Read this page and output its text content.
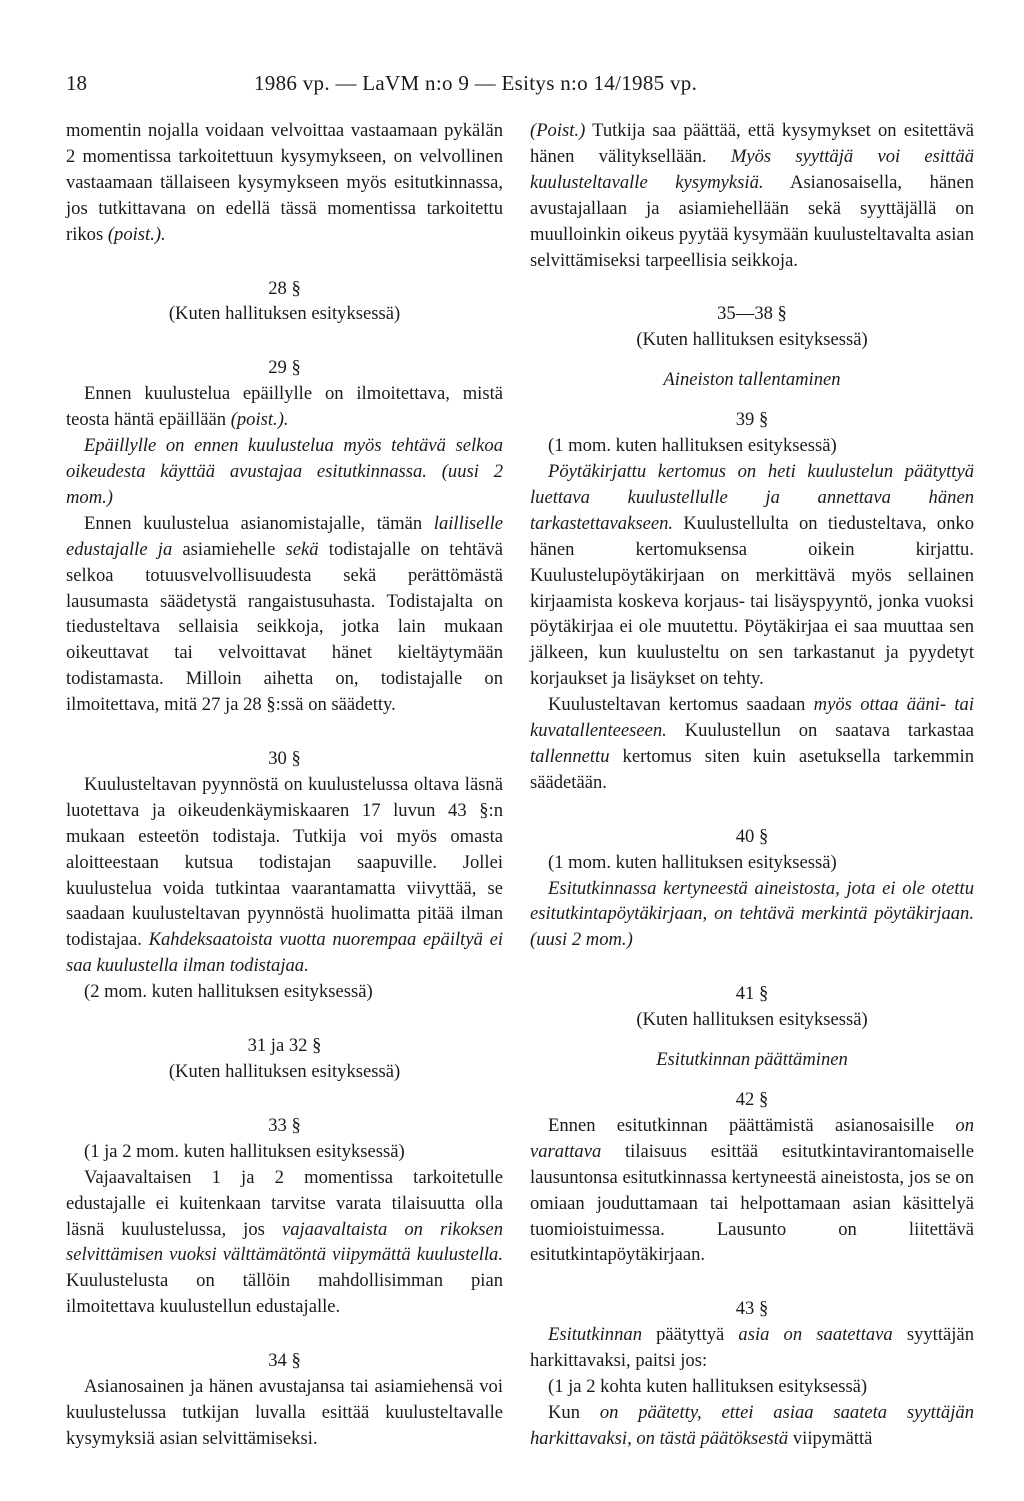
18	1986 vp. — LaVM n:o 9 — Esitys n:o 14/1985 vp.

momentin nojalla voidaan velvoittaa vastaamaan pykälän 2 momentissa tarkoitettuun kysymykseen, on velvollinen vastaamaan tällaiseen kysymykseen myös esitutkinnassa, jos tutkittavana on edellä tässä momentissa tarkoitettu rikos (poist.).

28 §

(Kuten hallituksen esityksessä)

29 §

Ennen kuulustelua epäillylle on ilmoitettava, mistä teosta häntä epäillään (poist.).

Epäillylle on ennen kuulustelua myös tehtävä selkoa oikeudesta käyttää avustajaa esitutkinnassa. (uusi 2 mom.)

Ennen kuulustelua asianomistajalle, tämän lailliselle edustajalle ja asiamiehelle sekä todistajalle on tehtävä selkoa totuusvelvollisuudesta sekä perättömästä lausumasta säädetystä rangaistusuhasta. Todistajalta on tiedusteltava sellaisia seikkoja, jotka lain mukaan oikeuttavat tai velvoittavat hänet kieltäytymään todistamasta. Milloin aihetta on, todistajalle on ilmoitettava, mitä 27 ja 28 §:ssä on säädetty.

30 §

Kuulusteltavan pyynnöstä on kuulustelussa oltava läsnä luotettava ja oikeudenkäymiskaaren 17 luvun 43 §:n mukaan esteetön todistaja. Tutkija voi myös omasta aloitteestaan kutsua todistajan saapuville. Jollei kuulustelua voida tutkintaa vaarantamatta viivyttää, se saadaan kuulusteltavan pyynnöstä huolimatta pitää ilman todistajaa. Kahdeksaatoista vuotta nuorempaa epäiltyä ei saa kuulustella ilman todistajaa.

(2 mom. kuten hallituksen esityksessä)

31 ja 32 §

(Kuten hallituksen esityksessä)

33 §

(1 ja 2 mom. kuten hallituksen esityksessä)

Vajaavaltaisen 1 ja 2 momentissa tarkoitetulle edustajalle ei kuitenkaan tarvitse varata tilaisuutta olla läsnä kuulustelussa, jos vajaavaltaista on rikoksen selvittämisen vuoksi välttämätöntä viipymättä kuulustella. Kuulustelusta on tällöin mahdollisimman pian ilmoitettava kuulustellun edustajalle.

34 §

Asianosainen ja hänen avustajansa tai asiamiehensä voi kuulustelussa tutkijan luvalla esittää kuulusteltavalle kysymyksiä asian selvittämiseksi.

(Poist.) Tutkija saa päättää, että kysymykset on esitettävä hänen välityksellään. Myös syyttäjä voi esittää kuulusteltavalle kysymyksiä. Asianosaisella, hänen avustajallaan ja asiamiehellään sekä syyttäjällä on muulloinkin oikeus pyytää kysymään kuulusteltavalta asian selvittämiseksi tarpeellisia seikkoja.

35—38 §

(Kuten hallituksen esityksessä)

Aineiston tallentaminen

39 §

(1 mom. kuten hallituksen esityksessä)

Pöytäkirjattu kertomus on heti kuulustelun päätyttyä luettava kuulustellulle ja annettava hänen tarkastettavakseen. Kuulustellulta on tiedusteltava, onko hänen kertomuksensa oikein kirjattu. Kuulustelupöytäkirjaan on merkittävä myös sellainen kirjaamista koskeva korjaus- tai lisäyspyyntö, jonka vuoksi pöytäkirjaa ei ole muutettu. Pöytäkirjaa ei saa muuttaa sen jälkeen, kun kuulusteltu on sen tarkastanut ja pyydetyt korjaukset ja lisäykset on tehty.

Kuulusteltavan kertomus saadaan myös ottaa ääni- tai kuvatallenteeseen. Kuulustellun on saatava tarkastaa tallennettu kertomus siten kuin asetuksella tarkemmin säädetään.

40 §

(1 mom. kuten hallituksen esityksessä)

Esitutkinnassa kertyneestä aineistosta, jota ei ole otettu esitutkintapöytäkirjaan, on tehtävä merkintä pöytäkirjaan. (uusi 2 mom.)

41 §

(Kuten hallituksen esityksessä)

Esitutkinnan päättäminen

42 §

Ennen esitutkinnan päättämistä asianosaisille on varattava tilaisuus esittää esitutkintavirantomaiselle lausuntonsa esitutkinnassa kertyneestä aineistosta, jos se on omiaan jouduttamaan tai helpottamaan asian käsittelyä tuomioistuimessa. Lausunto on liitettävä esitutkintapöytäkirjaan.

43 §

Esitutkinnan päätyttyä asia on saatettava syyttäjän harkittavaksi, paitsi jos:

(1 ja 2 kohta kuten hallituksen esityksessä)

Kun on päätetty, ettei asiaa saateta syyttäjän harkittavaksi, on tästä päätöksestä viipymättä
